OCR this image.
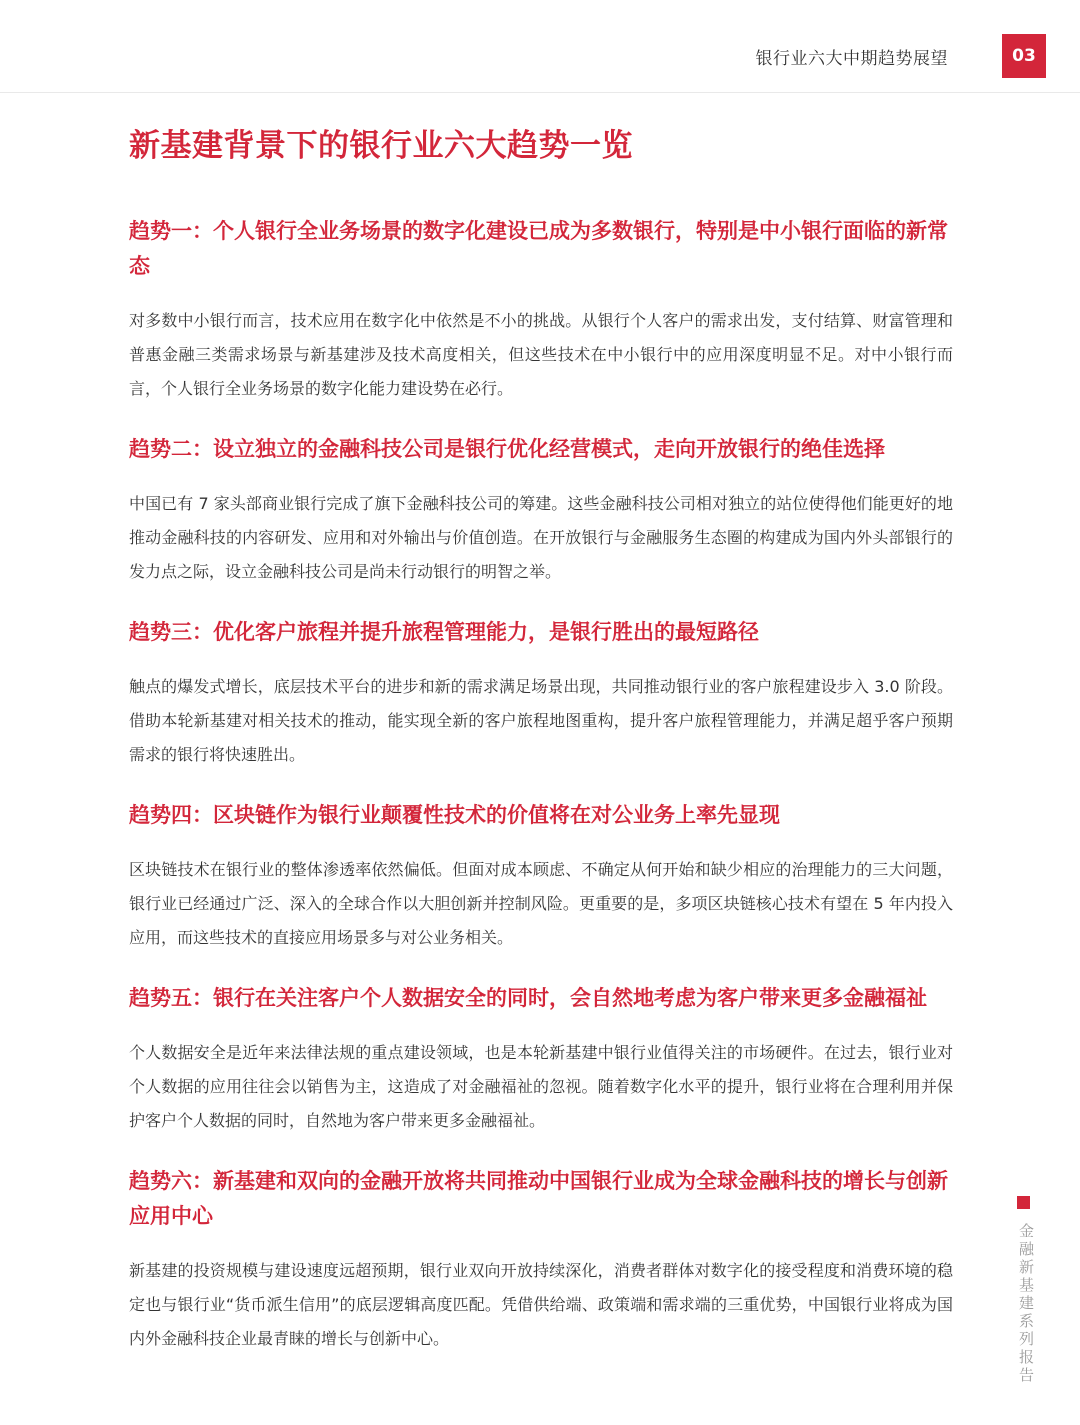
银行业六大中期趋势展望	03
新基建背景下的银行业六大趋势一览
趋势一：个人银行全业务场景的数字化建设已成为多数银行，特别是中小银行面临的新常态

对多数中小银行而言，技术应用在数字化中依然是不小的挑战。从银行个人客户的需求出发，支付结算、财富管理和普惠金融三类需求场景与新基建涉及技术高度相关，但这些技术在中小银行中的应用深度明显不足。对中小银行而言，个人银行全业务场景的数字化能力建设势在必行。

趋势二：设立独立的金融科技公司是银行优化经营模式，走向开放银行的绝佳选择

中国已有 7 家头部商业银行完成了旗下金融科技公司的筹建。这些金融科技公司相对独立的站位使得他们能更好的地推动金融科技的内容研发、应用和对外输出与价值创造。在开放银行与金融服务生态圈的构建成为国内外头部银行的发力点之际，设立金融科技公司是尚未行动银行的明智之举。

趋势三：优化客户旅程并提升旅程管理能力，是银行胜出的最短路径

触点的爆发式增长，底层技术平台的进步和新的需求满足场景出现，共同推动银行业的客户旅程建设步入 3.0 阶段。借助本轮新基建对相关技术的推动，能实现全新的客户旅程地图重构，提升客户旅程管理能力，并满足超乎客户预期需求的银行将快速胜出。

趋势四：区块链作为银行业颠覆性技术的价值将在对公业务上率先显现

区块链技术在银行业的整体渗透率依然偏低。但面对成本顾虑、不确定从何开始和缺少相应的治理能力的三大问题，银行业已经通过广泛、深入的全球合作以大胆创新并控制风险。更重要的是，多项区块链核心技术有望在 5 年内投入应用，而这些技术的直接应用场景多与对公业务相关。

趋势五：银行在关注客户个人数据安全的同时，会自然地考虑为客户带来更多金融福祉

个人数据安全是近年来法律法规的重点建设领域，也是本轮新基建中银行业值得关注的市场硬件。在过去，银行业对个人数据的应用往往会以销售为主，这造成了对金融福祉的忽视。随着数字化水平的提升，银行业将在合理利用并保护客户个人数据的同时，自然地为客户带来更多金融福祉。

趋势六：新基建和双向的金融开放将共同推动中国银行业成为全球金融科技的增长与创新应用中心

新基建的投资规模与建设速度远超预期，银行业双向开放持续深化，消费者群体对数字化的接受程度和消费环境的稳定也与银行业“货币派生信用”的底层逻辑高度匹配。凭借供给端、政策端和需求端的三重优势，中国银行业将成为国内外金融科技企业最青睐的增长与创新中心。	金融新基建系列报告
